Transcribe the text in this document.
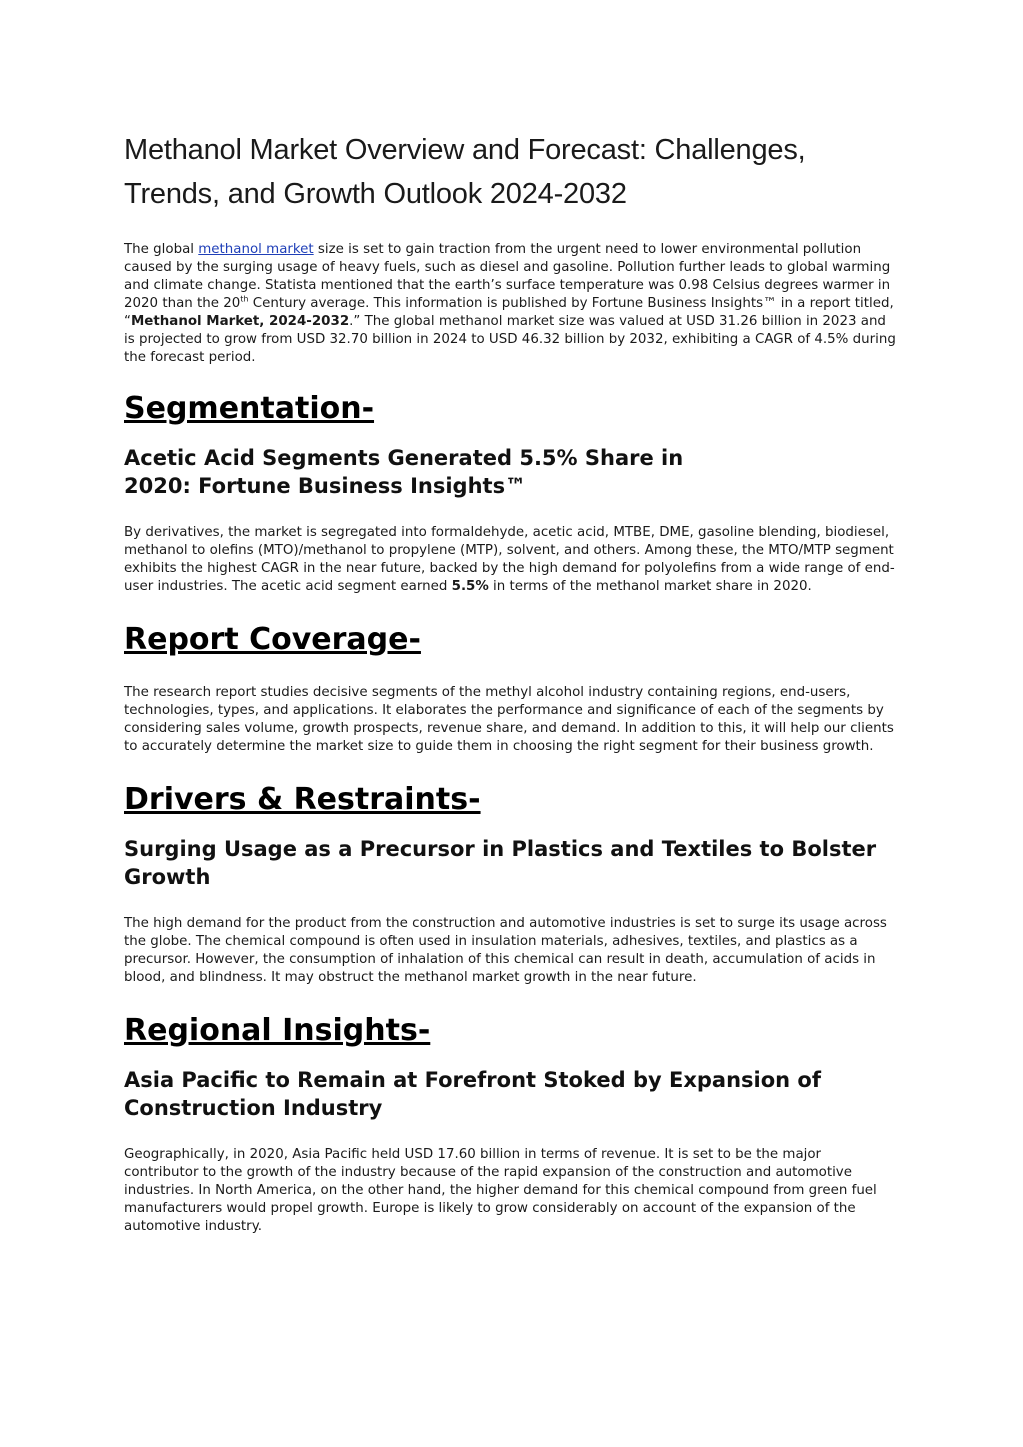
Methanol Market Overview and Forecast: Challenges,
Trends, and Growth Outlook 2024-2032

The global methanol market size is set to gain traction from the urgent need to lower environmental pollution caused by the surging usage of heavy fuels, such as diesel and gasoline. Pollution further leads to global warming and climate change. Statista mentioned that the earth’s surface temperature was 0.98 Celsius degrees warmer in 2020 than the 20th Century average. This information is published by Fortune Business Insights™ in a report titled, “Methanol Market, 2024-2032.” The global methanol market size was valued at USD 31.26 billion in 2023 and is projected to grow from USD 32.70 billion in 2024 to USD 46.32 billion by 2032, exhibiting a CAGR of 4.5% during the forecast period.

Segmentation-
Acetic Acid Segments Generated 5.5% Share in
2020: Fortune Business Insights™

By derivatives, the market is segregated into formaldehyde, acetic acid, MTBE, DME, gasoline blending, biodiesel, methanol to olefins (MTO)/methanol to propylene (MTP), solvent, and others. Among these, the MTO/MTP segment exhibits the highest CAGR in the near future, backed by the high demand for polyolefins from a wide range of end-user industries. The acetic acid segment earned 5.5% in terms of the methanol market share in 2020.

Report Coverage-

The research report studies decisive segments of the methyl alcohol industry containing regions, end-users, technologies, types, and applications. It elaborates the performance and significance of each of the segments by considering sales volume, growth prospects, revenue share, and demand. In addition to this, it will help our clients to accurately determine the market size to guide them in choosing the right segment for their business growth.

Drivers & Restraints-
Surging Usage as a Precursor in Plastics and Textiles to Bolster Growth

The high demand for the product from the construction and automotive industries is set to surge its usage across the globe. The chemical compound is often used in insulation materials, adhesives, textiles, and plastics as a precursor. However, the consumption of inhalation of this chemical can result in death, accumulation of acids in blood, and blindness. It may obstruct the methanol market growth in the near future.

Regional Insights-
Asia Pacific to Remain at Forefront Stoked by Expansion of Construction Industry

Geographically, in 2020, Asia Pacific held USD 17.60 billion in terms of revenue. It is set to be the major contributor to the growth of the industry because of the rapid expansion of the construction and automotive industries. In North America, on the other hand, the higher demand for this chemical compound from green fuel manufacturers would propel growth. Europe is likely to grow considerably on account of the expansion of the automotive industry.
